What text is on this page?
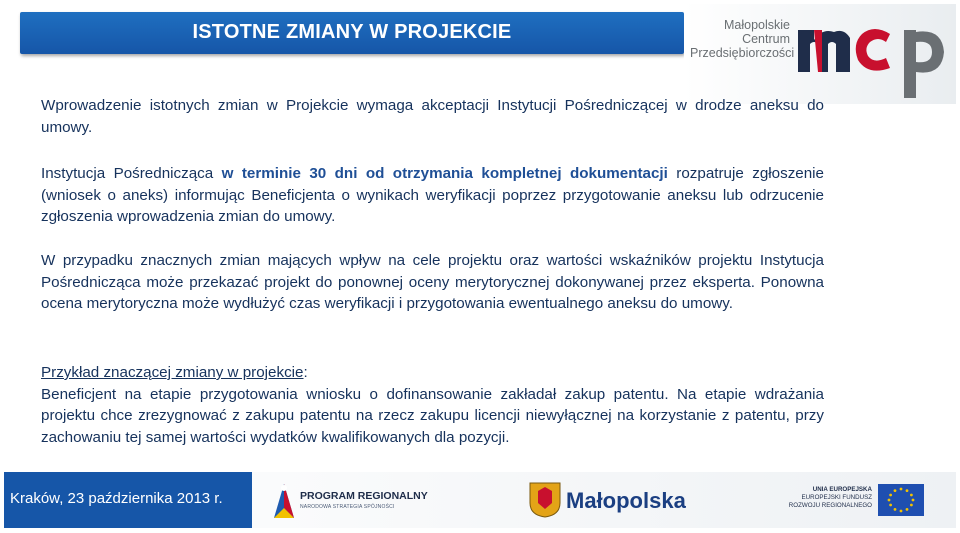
ISTOTNE ZMIANY W PROJEKCIE	Małopolskie
Centrum
Przedsiębiorczości

Wprowadzenie istotnych zmian w Projekcie wymaga akceptacji Instytucji Pośredniczącej w drodze aneksu do umowy.

Instytucja Pośrednicząca w terminie 30 dni od otrzymania kompletnej dokumentacji rozpatruje zgłoszenie (wniosek o aneks) informując Beneficjenta o wynikach weryfikacji poprzez przygotowanie aneksu lub odrzucenie zgłoszenia wprowadzenia zmian do umowy.

W przypadku znacznych zmian mających wpływ na cele projektu oraz wartości wskaźników projektu Instytucja Pośrednicząca może przekazać projekt do ponownej oceny merytorycznej dokonywanej przez eksperta. Ponowna ocena merytoryczna może wydłużyć czas weryfikacji i przygotowania ewentualnego aneksu do umowy.

Przykład znaczącej zmiany w projekcie:
Beneficjent na etapie przygotowania wniosku o dofinansowanie zakładał zakup patentu. Na etapie wdrażania projektu chce zrezygnować z zakupu patentu na rzecz zakupu licencji niewyłącznej na korzystanie z patentu, przy zachowaniu tej samej wartości wydatków kwalifikowanych dla pozycji.

Kraków, 23 października 2013 r.	PROGRAM REGIONALNY
NARODOWA STRATEGIA SPÓJNOŚCI	Małopolska	UNIA EUROPEJSKA
EUROPEJSKI FUNDUSZ
ROZWOJU REGIONALNEGO
